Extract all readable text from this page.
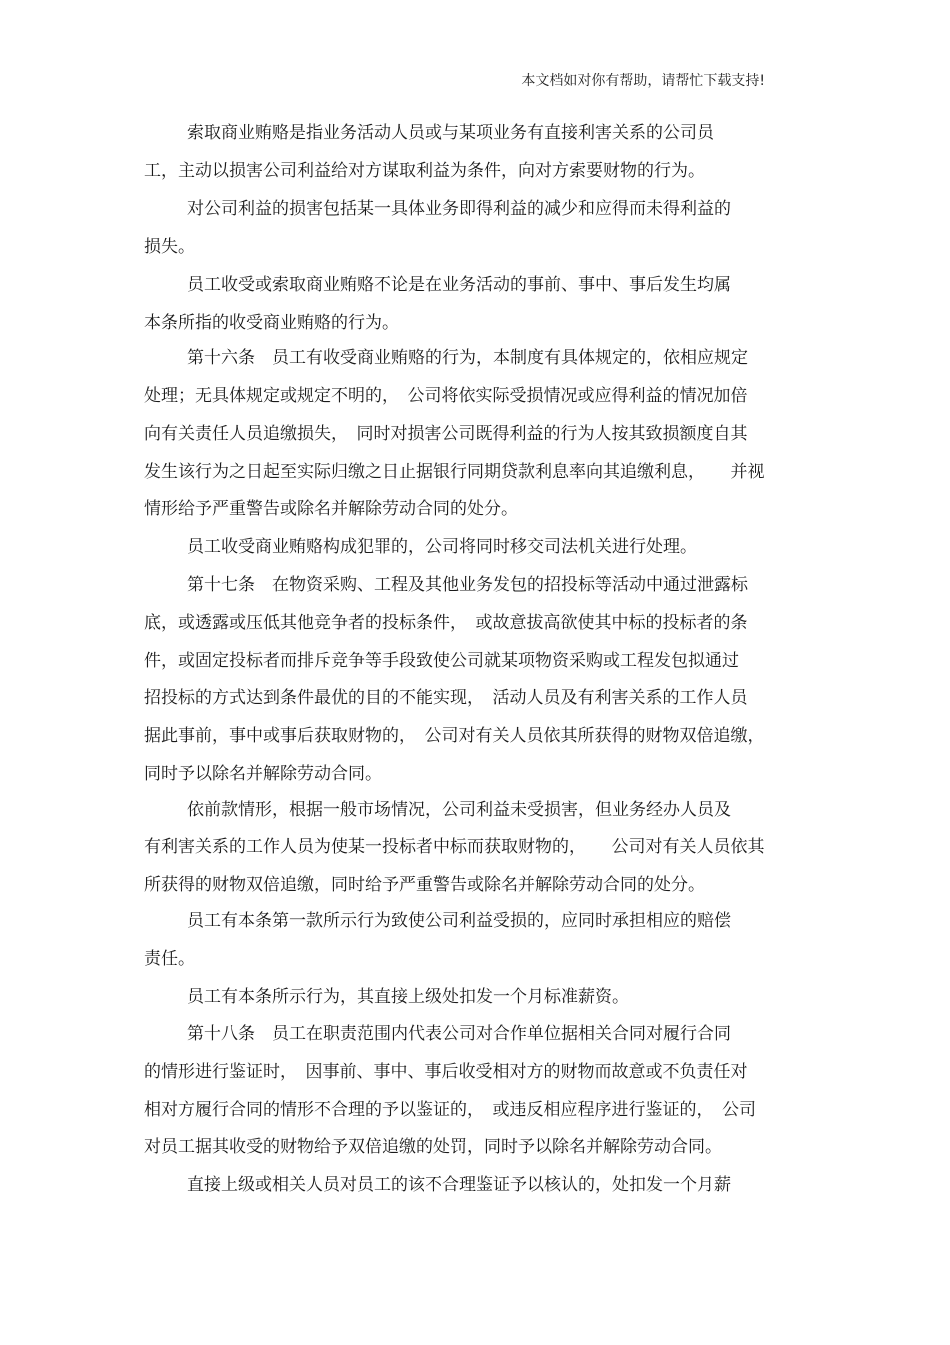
本文档如对你有帮助，请帮忙下载支持!
索取商业贿赂是指业务活动人员或与某项业务有直接利害关系的公司员
工，主动以损害公司利益给对方谋取利益为条件，向对方索要财物的行为。
对公司利益的损害包括某一具体业务即得利益的减少和应得而未得利益的
损失。
员工收受或索取商业贿赂不论是在业务活动的事前、事中、事后发生均属
本条所指的收受商业贿赂的行为。
第十六条　员工有收受商业贿赂的行为，本制度有具体规定的，依相应规定
处理；无具体规定或规定不明的，　公司将依实际受损情况或应得利益的情况加倍
向有关责任人员追缴损失，　同时对损害公司既得利益的行为人按其致损额度自其
发生该行为之日起至实际归缴之日止据银行同期贷款利息率向其追缴利息，　　并视
情形给予严重警告或除名并解除劳动合同的处分。
员工收受商业贿赂构成犯罪的，公司将同时移交司法机关进行处理。
第十七条　在物资采购、工程及其他业务发包的招投标等活动中通过泄露标
底，或透露或压低其他竞争者的投标条件，　或故意拔高欲使其中标的投标者的条
件，或固定投标者而排斥竞争等手段致使公司就某项物资采购或工程发包拟通过
招投标的方式达到条件最优的目的不能实现，　活动人员及有利害关系的工作人员
据此事前，事中或事后获取财物的，　公司对有关人员依其所获得的财物双倍追缴，
同时予以除名并解除劳动合同。
依前款情形，根据一般市场情况，公司利益未受损害，但业务经办人员及
有利害关系的工作人员为使某一投标者中标而获取财物的，　　公司对有关人员依其
所获得的财物双倍追缴，同时给予严重警告或除名并解除劳动合同的处分。
员工有本条第一款所示行为致使公司利益受损的，应同时承担相应的赔偿
责任。
员工有本条所示行为，其直接上级处扣发一个月标准薪资。
第十八条　员工在职责范围内代表公司对合作单位据相关合同对履行合同
的情形进行鉴证时，　因事前、事中、事后收受相对方的财物而故意或不负责任对
相对方履行合同的情形不合理的予以鉴证的，　或违反相应程序进行鉴证的，　公司
对员工据其收受的财物给予双倍追缴的处罚，同时予以除名并解除劳动合同。
直接上级或相关人员对员工的该不合理鉴证予以核认的，处扣发一个月薪
